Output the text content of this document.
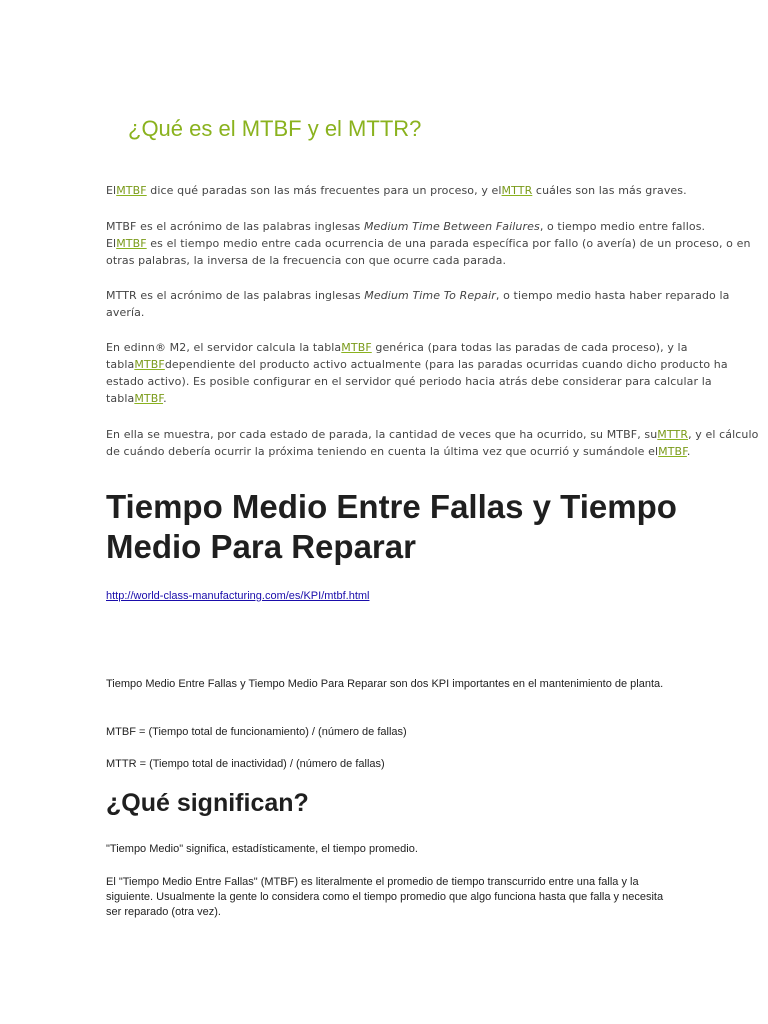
¿Qué es el MTBF y el MTTR?

ElMTBF dice qué paradas son las más frecuentes para un proceso, y elMTTR cuáles son las más graves.

MTBF es el acrónimo de las palabras inglesas Medium Time Between Failures, o tiempo medio entre fallos.
ElMTBF es el tiempo medio entre cada ocurrencia de una parada específica por fallo (o avería) de un proceso, o en otras palabras, la inversa de la frecuencia con que ocurre cada parada.

MTTR es el acrónimo de las palabras inglesas Medium Time To Repair, o tiempo medio hasta haber reparado la avería.

En edinn® M2, el servidor calcula la tablaMTBF genérica (para todas las paradas de cada proceso), y la tablaMTBFdependiente del producto activo actualmente (para las paradas ocurridas cuando dicho producto ha estado activo). Es posible configurar en el servidor qué periodo hacia atrás debe considerar para calcular la tablaMTBF.

En ella se muestra, por cada estado de parada, la cantidad de veces que ha ocurrido, su MTBF, suMTTR, y el cálculo de cuándo debería ocurrir la próxima teniendo en cuenta la última vez que ocurrió y sumándole elMTBF.

Tiempo Medio Entre Fallas y Tiempo Medio Para Reparar
http://world-class-manufacturing.com/es/KPI/mtbf.html

Tiempo Medio Entre Fallas y Tiempo Medio Para Reparar son dos KPI importantes en el mantenimiento de planta.

MTBF = (Tiempo total de funcionamiento) / (número de fallas)

MTTR = (Tiempo total de inactividad) / (número de fallas)

¿Qué significan?

"Tiempo Medio" significa, estadísticamente, el tiempo promedio.

El "Tiempo Medio Entre Fallas" (MTBF) es literalmente el promedio de tiempo transcurrido entre una falla y la siguiente. Usualmente la gente lo considera como el tiempo promedio que algo funciona hasta que falla y necesita ser reparado (otra vez).
